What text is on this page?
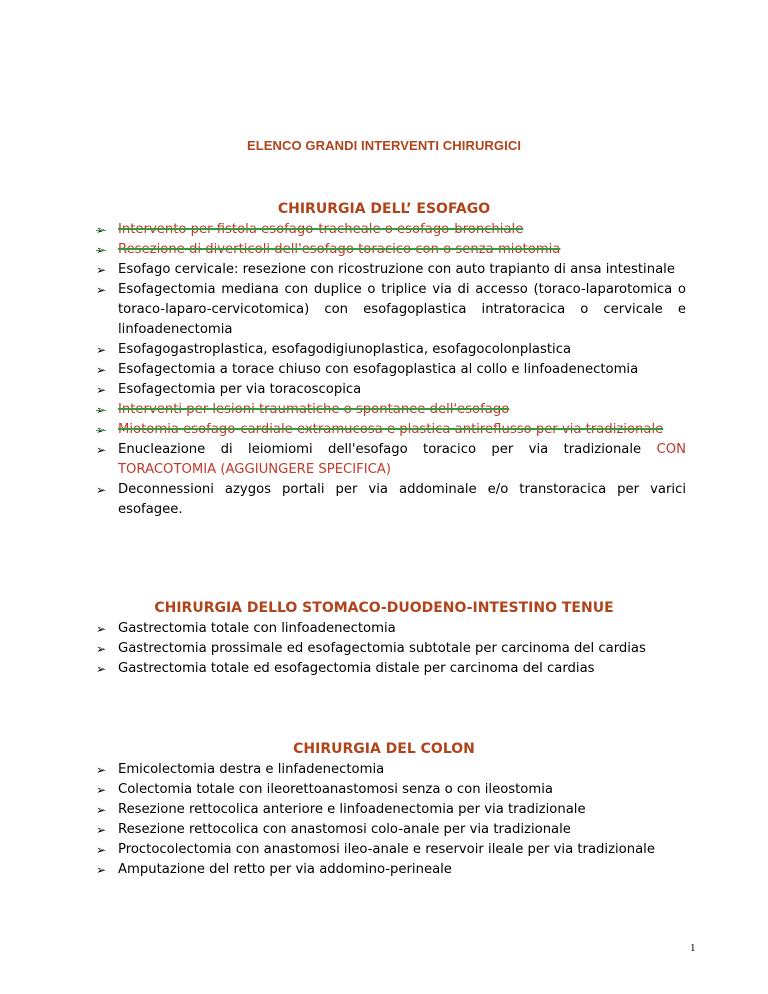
ELENCO GRANDI INTERVENTI CHIRURGICI
CHIRURGIA DELL’ ESOFAGO
➢ Intervento per fistola esofago-tracheale o esofago-bronchiale
➢ Resezione di diverticoli dell'esofago toracico con o senza miotomia
➢ Esofago cervicale: resezione con ricostruzione con auto trapianto di ansa intestinale
➢ Esofagectomia mediana con duplice o triplice via di accesso (toraco-laparotomica o toraco-laparo-cervicotomica) con esofagoplastica intratoracica o cervicale e linfoadenectomia
➢ Esofagogastroplastica, esofagodigiunoplastica, esofagocolonplastica
➢ Esofagectomia a torace chiuso con esofagoplastica al collo e linfoadenectomia
➢ Esofagectomia per via toracoscopica
➢ Interventi per lesioni traumatiche o spontanee dell'esofago
➢ Miotomia esofago-cardiale extramucosa e plastica antireflusso per via tradizionale
➢ Enucleazione di leiomiomi dell'esofago toracico per via tradizionale CON TORACOTOMIA (AGGIUNGERE SPECIFICA)
➢ Deconnessioni azygos portali per via addominale e/o transtoracica per varici esofagee.
CHIRURGIA DELLO STOMACO-DUODENO-INTESTINO TENUE
➢ Gastrectomia totale con linfoadenectomia
➢ Gastrectomia prossimale ed esofagectomia subtotale per carcinoma del cardias
➢ Gastrectomia totale ed esofagectomia distale per carcinoma del cardias
CHIRURGIA DEL COLON
➢ Emicolectomia destra e linfadenectomia
➢ Colectomia totale con ileorettoanastomosi senza o con ileostomia
➢ Resezione rettocolica anteriore e linfoadenectomia per via tradizionale
➢ Resezione rettocolica con anastomosi colo-anale per via tradizionale
➢ Proctocolectomia con anastomosi ileo-anale e reservoir ileale per via tradizionale
➢ Amputazione del retto per via addomino-perineale
1
